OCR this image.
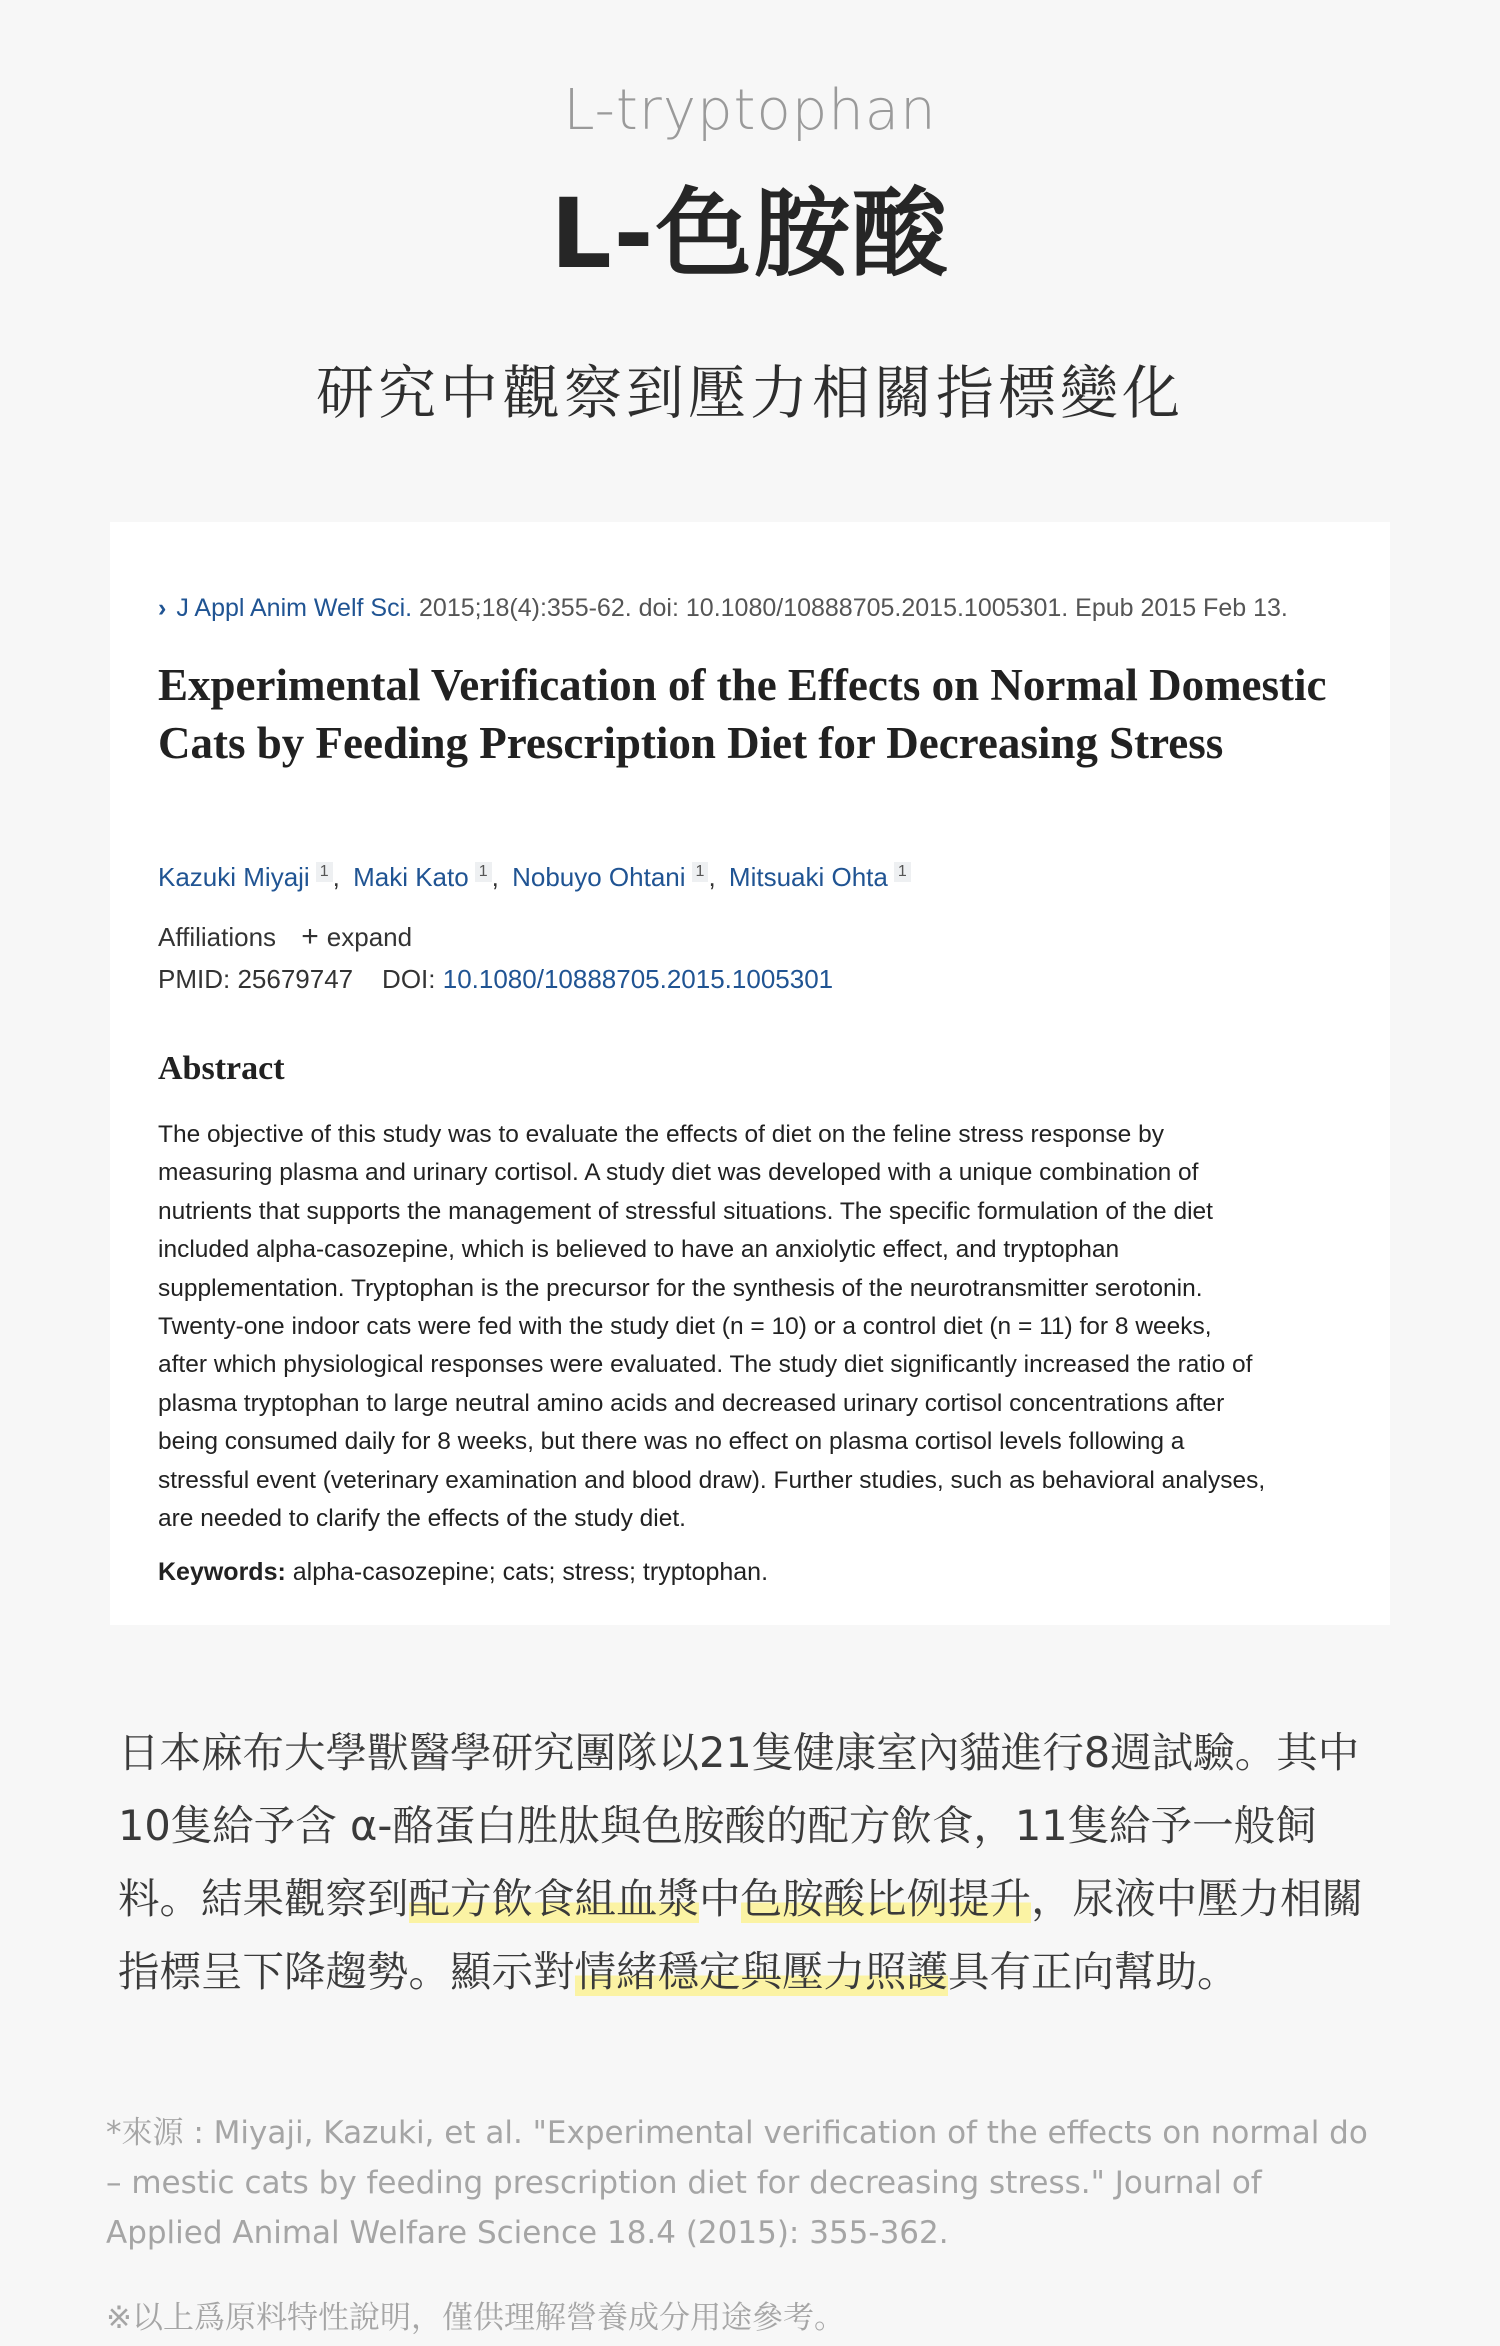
L-tryptophan
L-色胺酸
研究中觀察到壓力相關指標變化
› J Appl Anim Welf Sci. 2015;18(4):355-62. doi: 10.1080/10888705.2015.1005301. Epub 2015 Feb 13.
Experimental Verification of the Effects on Normal Domestic Cats by Feeding Prescription Diet for Decreasing Stress
Kazuki Miyaji 1 , Maki Kato 1 , Nobuyo Ohtani 1 , Mitsuaki Ohta 1
Affiliations + expand
PMID: 25679747 DOI: 10.1080/10888705.2015.1005301
Abstract
The objective of this study was to evaluate the effects of diet on the feline stress response by
measuring plasma and urinary cortisol. A study diet was developed with a unique combination of
nutrients that supports the management of stressful situations. The specific formulation of the diet
included alpha-casozepine, which is believed to have an anxiolytic effect, and tryptophan
supplementation. Tryptophan is the precursor for the synthesis of the neurotransmitter serotonin.
Twenty-one indoor cats were fed with the study diet (n = 10) or a control diet (n = 11) for 8 weeks,
after which physiological responses were evaluated. The study diet significantly increased the ratio of
plasma tryptophan to large neutral amino acids and decreased urinary cortisol concentrations after
being consumed daily for 8 weeks, but there was no effect on plasma cortisol levels following a
stressful event (veterinary examination and blood draw). Further studies, such as behavioral analyses,
are needed to clarify the effects of the study diet.
Keywords: alpha-casozepine; cats; stress; tryptophan.
日本麻布大學獸醫學研究團隊以21隻健康室內貓進行8週試驗。其中10隻給予含 α-酪蛋白胜肽與色胺酸的配方飲食，11隻給予一般飼料。結果觀察到配方飲食組血漿中色胺酸比例提升，尿液中壓力相關指標呈下降趨勢。顯示對情緒穩定與壓力照護具有正向幫助。
*來源 : Miyaji, Kazuki, et al. "Experimental verification of the effects on normal do – mestic cats by feeding prescription diet for decreasing stress." Journal of Applied Animal Welfare Science 18.4 (2015): 355-362.
※以上爲原料特性說明，僅供理解營養成分用途參考。
